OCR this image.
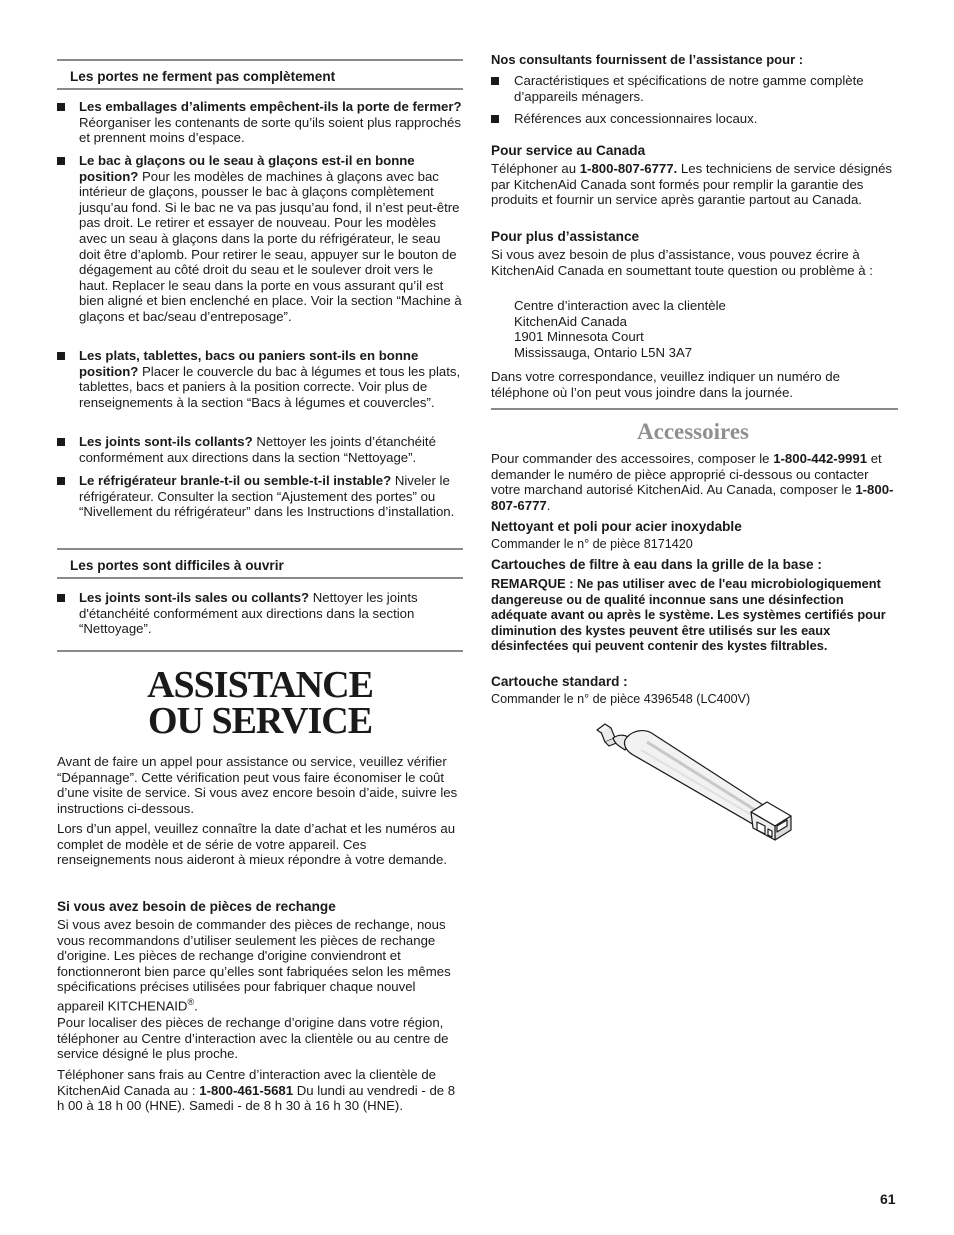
Les portes ne ferment pas complètement
Les emballages d’aliments empêchent-ils la porte de fermer? Réorganiser les contenants de sorte qu’ils soient plus rapprochés et prennent moins d’espace.
Le bac à glaçons ou le seau à glaçons est-il en bonne position? Pour les modèles de machines à glaçons avec bac intérieur de glaçons, pousser le bac à glaçons complètement jusqu’au fond. Si le bac ne va pas jusqu’au fond, il n’est peut-être pas droit. Le retirer et essayer de nouveau. Pour les modèles avec un seau à glaçons dans la porte du réfrigérateur, le seau doit être d’aplomb. Pour retirer le seau, appuyer sur le bouton de dégagement au côté droit du seau et le soulever droit vers le haut. Replacer le seau dans la porte en vous assurant qu’il est bien aligné et bien enclenché en place. Voir la section “Machine à glaçons et bac/seau d’entreposage”.
Les plats, tablettes, bacs ou paniers sont-ils en bonne position? Placer le couvercle du bac à légumes et tous les plats, tablettes, bacs et paniers à la position correcte. Voir plus de renseignements à la section “Bacs à légumes et couvercles”.
Les joints sont-ils collants? Nettoyer les joints d’étanchéité conformément aux directions dans la section “Nettoyage”.
Le réfrigérateur branle-t-il ou semble-t-il instable? Niveler le réfrigérateur. Consulter la section “Ajustement des portes” ou “Nivellement du réfrigérateur” dans les Instructions d’installation.
Les portes sont difficiles à ouvrir
Les joints sont-ils sales ou collants? Nettoyer les joints d'étanchéité conformément aux directions dans la section “Nettoyage”.
ASSISTANCE
OU SERVICE

Avant de faire un appel pour assistance ou service, veuillez vérifier “Dépannage”. Cette vérification peut vous faire économiser le coût d’une visite de service. Si vous avez encore besoin d’aide, suivre les instructions ci-dessous.

Lors d’un appel, veuillez connaître la date d’achat et les numéros au complet de modèle et de série de votre appareil. Ces renseignements nous aideront à mieux répondre à votre demande.

Si vous avez besoin de pièces de rechange

Si vous avez besoin de commander des pièces de rechange, nous vous recommandons d’utiliser seulement les pièces de rechange d'origine. Les pièces de rechange d'origine conviendront et fonctionneront bien parce qu’elles sont fabriquées selon les mêmes spécifications précises utilisées pour fabriquer chaque nouvel appareil KITCHENAID®.

Pour localiser des pièces de rechange d’origine dans votre région, téléphoner au Centre d’interaction avec la clientèle ou au centre de service désigné le plus proche.

Téléphoner sans frais au Centre d’interaction avec la clientèle de KitchenAid Canada au : 1-800-461-5681 Du lundi au vendredi - de 8 h 00 à 18 h 00 (HNE). Samedi - de 8 h 30 à 16 h 30 (HNE).

Nos consultants fournissent de l’assistance pour :
Caractéristiques et spécifications de notre gamme complète d’appareils ménagers.
Références aux concessionnaires locaux.
Pour service au Canada

Téléphoner au 1-800-807-6777. Les techniciens de service désignés par KitchenAid Canada sont formés pour remplir la garantie des produits et fournir un service après garantie partout au Canada.

Pour plus d’assistance

Si vous avez besoin de plus d’assistance, vous pouvez écrire à KitchenAid Canada en soumettant toute question ou problème à :

Centre d’interaction avec la clientèle
KitchenAid Canada
1901 Minnesota Court
Mississauga, Ontario L5N 3A7

Dans votre correspondance, veuillez indiquer un numéro de téléphone où l’on peut vous joindre dans la journée.

Accessoires

Pour commander des accessoires, composer le 1-800-442-9991 et demander le numéro de pièce approprié ci-dessous ou contacter votre marchand autorisé KitchenAid. Au Canada, composer le 1-800-807-6777.

Nettoyant et poli pour acier inoxydable
Commander le n° de pièce 8171420
Cartouches de filtre à eau dans la grille de la base :

REMARQUE : Ne pas utiliser avec de l'eau microbiologiquement dangereuse ou de qualité inconnue sans une désinfection adéquate avant ou après le système. Les systèmes certifiés pour diminution des kystes peuvent être utilisés sur les eaux désinfectées qui peuvent contenir des kystes filtrables.

Cartouche standard :
Commander le n° de pièce 4396548 (LC400V)
61
